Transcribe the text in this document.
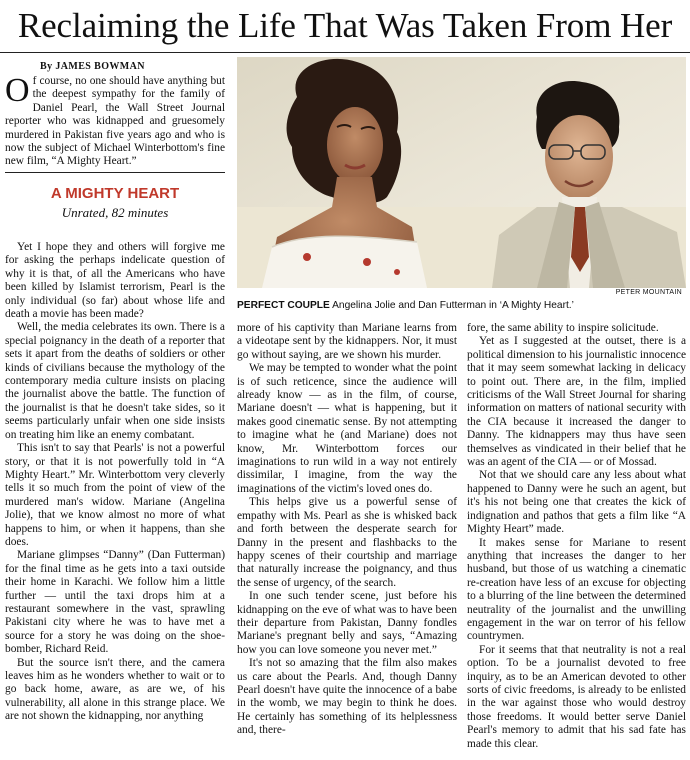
Reclaiming the Life That Was Taken From Her
By JAMES BOWMAN

Of course, no one should have anything but the deepest sympathy for the family of Daniel Pearl, the Wall Street Journal reporter who was kidnapped and gruesomely murdered in Pakistan five years ago and who is now the subject of Michael Winterbottom's fine new film, “A Mighty Heart.”

A MIGHTY HEART
Unrated, 82 minutes

Yet I hope they and others will forgive me for asking the perhaps indelicate question of why it is that, of all the Americans who have been killed by Islamist terrorism, Pearl is the only individual (so far) about whose life and death a movie has been made?

Well, the media celebrates its own. There is a special poignancy in the death of a reporter that sets it apart from the deaths of soldiers or other kinds of civilians because the mythology of the contemporary media culture insists on placing the journalist above the battle. The function of the journalist is that he doesn't take sides, so it seems particularly unfair when one side insists on treating him like an enemy combatant.

This isn't to say that Pearls' is not a powerful story, or that it is not powerfully told in “A Mighty Heart.” Mr. Winterbottom very cleverly tells it so much from the point of view of the murdered man's widow. Mariane (Angelina Jolie), that we know almost no more of what happens to him, or when it happens, than she does.

Mariane glimpses “Danny” (Dan Futterman) for the final time as he gets into a taxi outside their home in Karachi. We follow him a little further — until the taxi drops him at a restaurant somewhere in the vast, sprawling Pakistani city where he was to have met a source for a story he was doing on the shoe-bomber, Richard Reid.

But the source isn't there, and the camera leaves him as he wonders whether to wait or to go back home, aware, as are we, of his vulnerability, all alone in this strange place. We are not shown the kidnapping, nor anything

PETER MOUNTAIN
PERFECT COUPLE Angelina Jolie and Dan Futterman in ‘A Mighty Heart.’

more of his captivity than Mariane learns from a videotape sent by the kidnappers. Nor, it must go without saying, are we shown his murder.

We may be tempted to wonder what the point is of such reticence, since the audience will already know — as in the film, of course, Mariane doesn't — what is happening, but it makes good cinematic sense. By not attempting to imagine what he (and Mariane) does not know, Mr. Winterbottom forces our imaginations to run wild in a way not entirely dissimilar, I imagine, from the way the imaginations of the victim's loved ones do.

This helps give us a powerful sense of empathy with Ms. Pearl as she is whisked back and forth between the desperate search for Danny in the present and flashbacks to the happy scenes of their courtship and marriage that naturally increase the poignancy, and thus the sense of urgency, of the search.

In one such tender scene, just before his kidnapping on the eve of what was to have been their departure from Pakistan, Danny fondles Mariane's pregnant belly and says, “Amazing how you can love someone you never met.”

It's not so amazing that the film also makes us care about the Pearls. And, though Danny Pearl doesn't have quite the innocence of a babe in the womb, we may begin to think he does. He certainly has something of its helplessness and, there-

fore, the same ability to inspire solicitude.

Yet as I suggested at the outset, there is a political dimension to his journalistic innocence that it may seem somewhat lacking in delicacy to point out. There are, in the film, implied criticisms of the Wall Street Journal for sharing information on matters of national security with the CIA because it increased the danger to Danny. The kidnappers may thus have seen themselves as vindicated in their belief that he was an agent of the CIA — or of Mossad.

Not that we should care any less about what happened to Danny were he such an agent, but it's his not being one that creates the kick of indignation and pathos that gets a film like “A Mighty Heart” made.

It makes sense for Mariane to resent anything that increases the danger to her husband, but those of us watching a cinematic re-creation have less of an excuse for objecting to a blurring of the line between the determined neutrality of the journalist and the unwilling engagement in the war on terror of his fellow countrymen.

For it seems that that neutrality is not a real option. To be a journalist devoted to free inquiry, as to be an American devoted to other sorts of civic freedoms, is already to be enlisted in the war against those who would destroy those freedoms. It would better serve Daniel Pearl's memory to admit that his sad fate has made this clear.
